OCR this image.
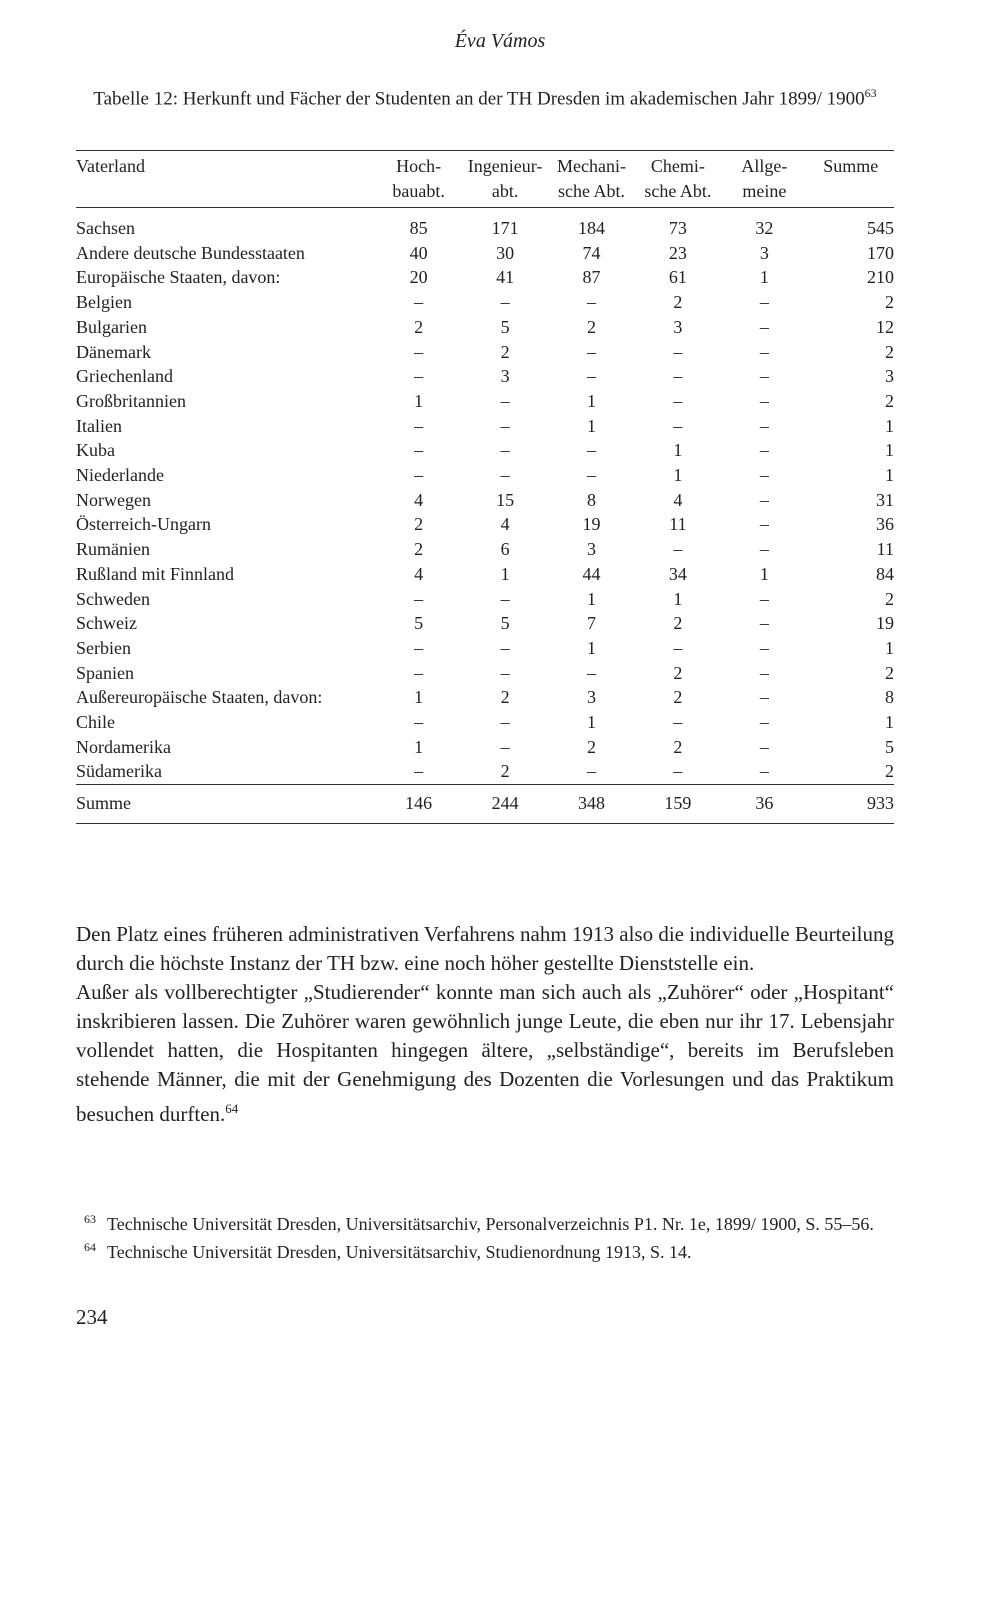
Éva Vámos
Tabelle 12: Herkunft und Fächer der Studenten an der TH Dresden im akademischen Jahr 1899/ 1900$^{63}$
Vaterland	Hoch- bauabt.	Ingenieur- abt.	Mechani- sche Abt.	Chemi- sche Abt.	Allge- meine	Summe
Sachsen	85	171	184	73	32	545
Andere deutsche Bundesstaaten	40	30	74	23	3	170
Europäische Staaten, davon:	20	41	87	61	1	210
Belgien	–	–	–	2	–	2
Bulgarien	2	5	2	3	–	12
Dänemark	–	2	–	–	–	2
Griechenland	–	3	–	–	–	3
Großbritannien	1	–	1	–	–	2
Italien	–	–	1	–	–	1
Kuba	–	–	–	1	–	1
Niederlande	–	–	–	1	–	1
Norwegen	4	15	8	4	–	31
Österreich-Ungarn	2	4	19	11	–	36
Rumänien	2	6	3	–	–	11
Rußland mit Finnland	4	1	44	34	1	84
Schweden	–	–	1	1	–	2
Schweiz	5	5	7	2	–	19
Serbien	–	–	1	–	–	1
Spanien	–	–	–	2	–	2
Außereuropäische Staaten, davon:	1	2	3	2	–	8
Chile	–	–	1	–	–	1
Nordamerika	1	–	2	2	–	5
Südamerika	–	2	–	–	–	2
Summe	146	244	348	159	36	933

Den Platz eines früheren administrativen Verfahrens nahm 1913 also die individuelle Beurteilung durch die höchste Instanz der TH bzw. eine noch höher gestellte Dienststelle ein.

Außer als vollberechtigter „Studierender“ konnte man sich auch als „Zuhörer“ oder „Hospitant“ inskribieren lassen. Die Zuhörer waren gewöhnlich junge Leute, die eben nur ihr 17. Lebensjahr vollendet hatten, die Hospitanten hingegen ältere, „selbständige“, bereits im Berufsleben stehende Männer, die mit der Genehmigung des Dozenten die Vorlesungen und das Praktikum besuchen durften.$^{64}$

63 Technische Universität Dresden, Universitätsarchiv, Personalverzeichnis P1. Nr. 1e, 1899/ 1900, S. 55–56.
64 Technische Universität Dresden, Universitätsarchiv, Studienordnung 1913, S. 14.
234
